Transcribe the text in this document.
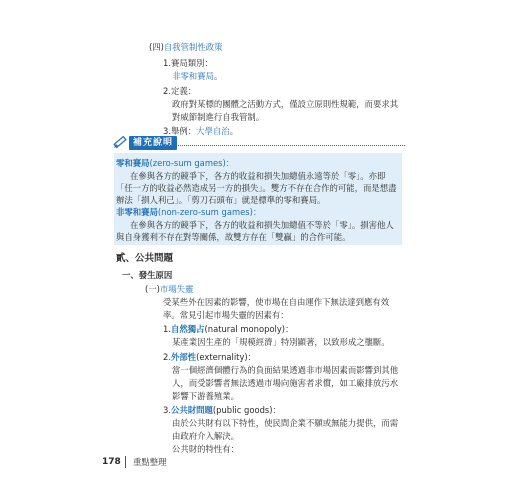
(四)自我管制性政策
1.賽局類別：
非零和賽局。
2.定義：
政府對某標的團體之活動方式，僅設立原則性規範，而要求其
對威節制進行自我管制。
3.舉例：大學自治。
補充說明
零和賽局(zero-sum games)：
在參與各方的競爭下，各方的收益和損失加總值永遠等於「零」。亦即
「任一方的收益必然造成另一方的損失」。雙方不存在合作的可能，而是想盡
辦法「損人利己」。「剪刀石頭布」就是標準的零和賽局。
非零和賽局(non-zero-sum games)：
在參與各方的競爭下，各方的收益和損失加總值不等於「零」。損害他人
與自身獲利不存在對等關係，故雙方存在「雙贏」的合作可能。
貳、公共問題
一、發生原因
(一)市場失靈
受某些外在因素的影響，使市場在自由運作下無法達到應有效
率。常見引起市場失靈的因素有：
1.自然獨占(natural monopoly)：
某產業因生產的「規模經濟」特別顯著，以致形成之壟斷。
2.外部性(externality)：
當一個經濟個體行為的負面結果透過非市場因素而影響到其他
人，而受影響者無法透過市場向施害者求償，如工廠排放污水
影響下游養殖業。
3.公共財問題(public goods)：
由於公共財有以下特性，使民間企業不願或無能力提供，而需
由政府介入解決。
公共財的特性有：
178 重點整理
